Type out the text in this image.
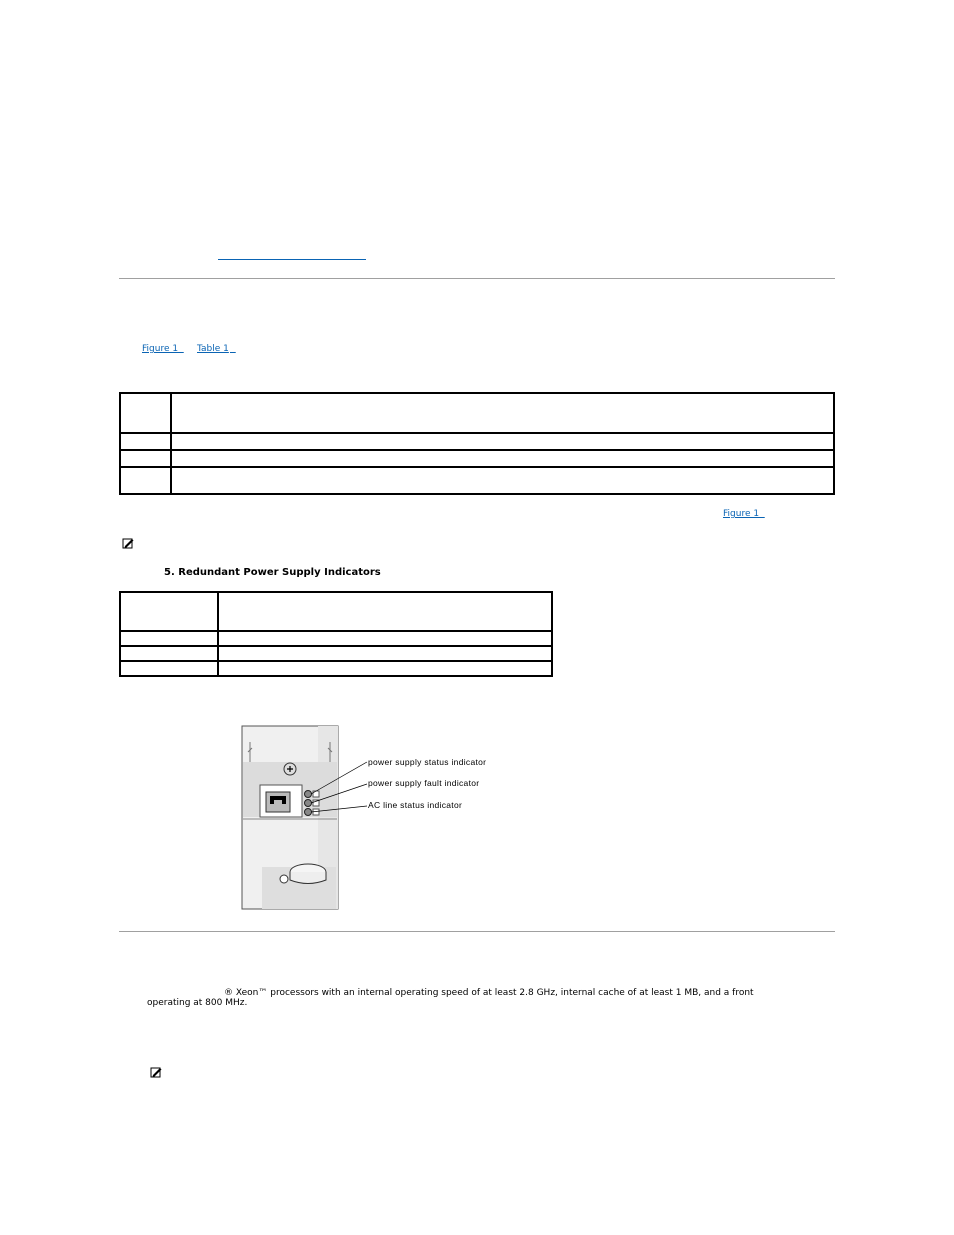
Figure 1
Table 1

Figure 1

5. Redundant Power Supply Indicators

power supply status indicator
power supply fault indicator
AC line status indicator
® Xeon™ processors with an internal operating speed of at least 2.8 GHz, internal cache of at least 1 MB, and a front
operating at 800 MHz.
